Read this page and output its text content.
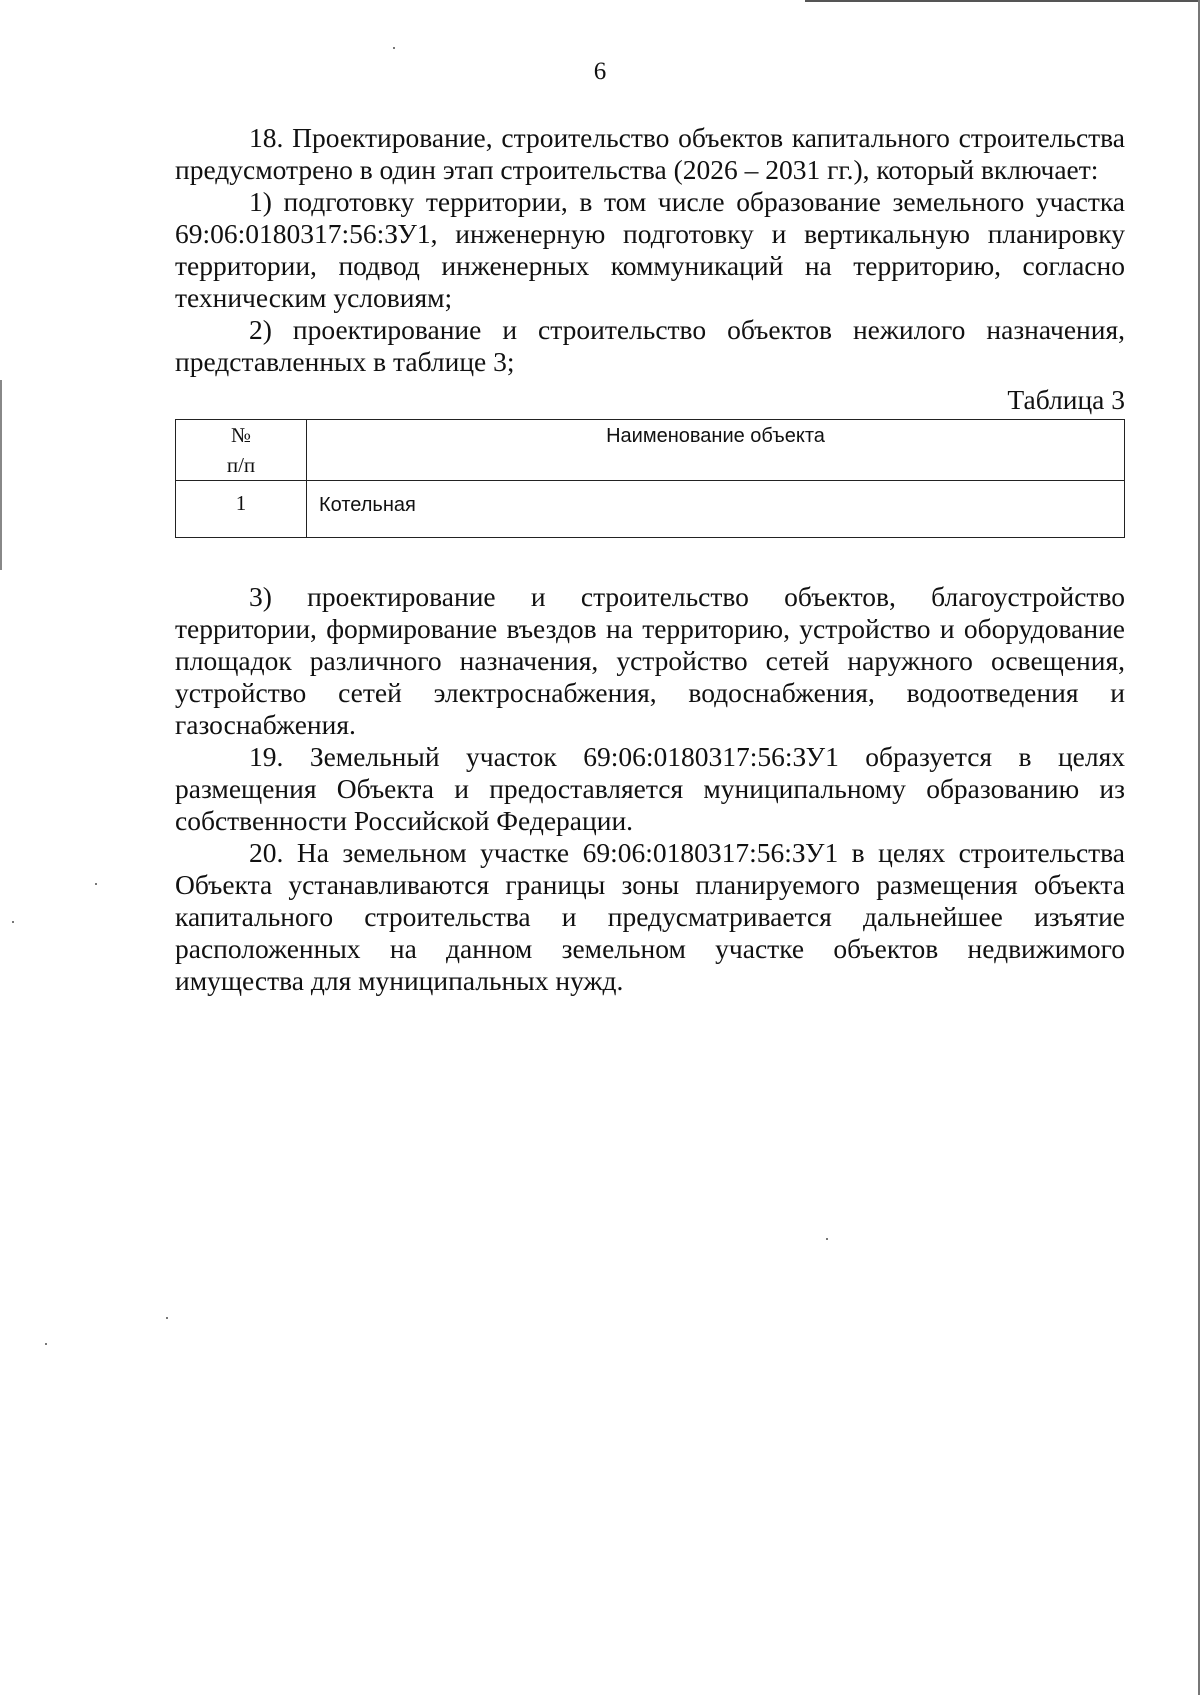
6

18. Проектирование, строительство объектов капитального строительства предусмотрено в один этап строительства (2026 – 2031 гг.), который включает:

1) подготовку территории, в том числе образование земельного участка 69:06:0180317:56:ЗУ1, инженерную подготовку и вертикальную планировку территории, подвод инженерных коммуникаций на территорию, согласно техническим условиям;

2) проектирование и строительство объектов нежилого назначения, представленных в таблице 3;

Таблица 3
№
п/п	Наименование объекта
1	Котельная

3) проектирование и строительство объектов, благоустройство территории, формирование въездов на территорию, устройство и оборудование площадок различного назначения, устройство сетей наружного освещения, устройство сетей электроснабжения, водоснабжения, водоотведения и газоснабжения.

19. Земельный участок 69:06:0180317:56:ЗУ1 образуется в целях размещения Объекта и предоставляется муниципальному образованию из собственности Российской Федерации.

20. На земельном участке 69:06:0180317:56:ЗУ1 в целях строительства Объекта устанавливаются границы зоны планируемого размещения объекта капитального строительства и предусматривается дальнейшее изъятие расположенных на данном земельном участке объектов недвижимого имущества для муниципальных нужд.
